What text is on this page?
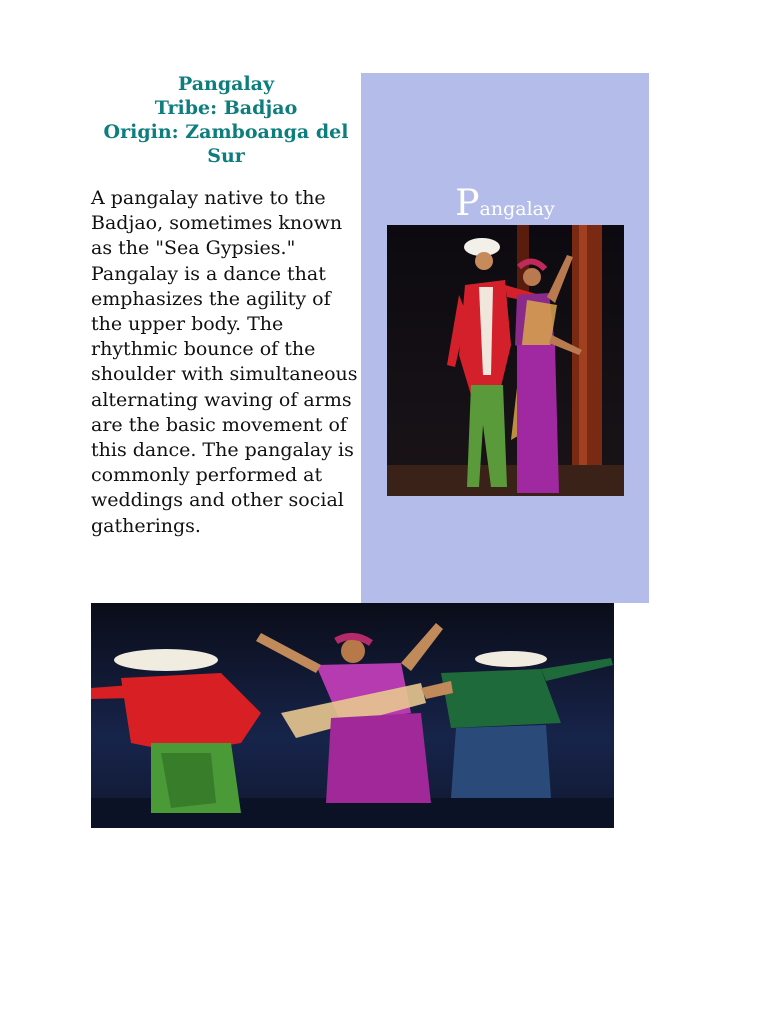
Pangalay
Tribe: Badjao
Origin: Zamboanga del
Sur

A pangalay native to the Badjao, sometimes known as the "Sea Gypsies." Pangalay is a dance that emphasizes the agility of the upper body. The rhythmic bounce of the shoulder with simultaneous alternating waving of arms are the basic movement of this dance. The pangalay is commonly performed at weddings and other social gatherings.

Pangalay
